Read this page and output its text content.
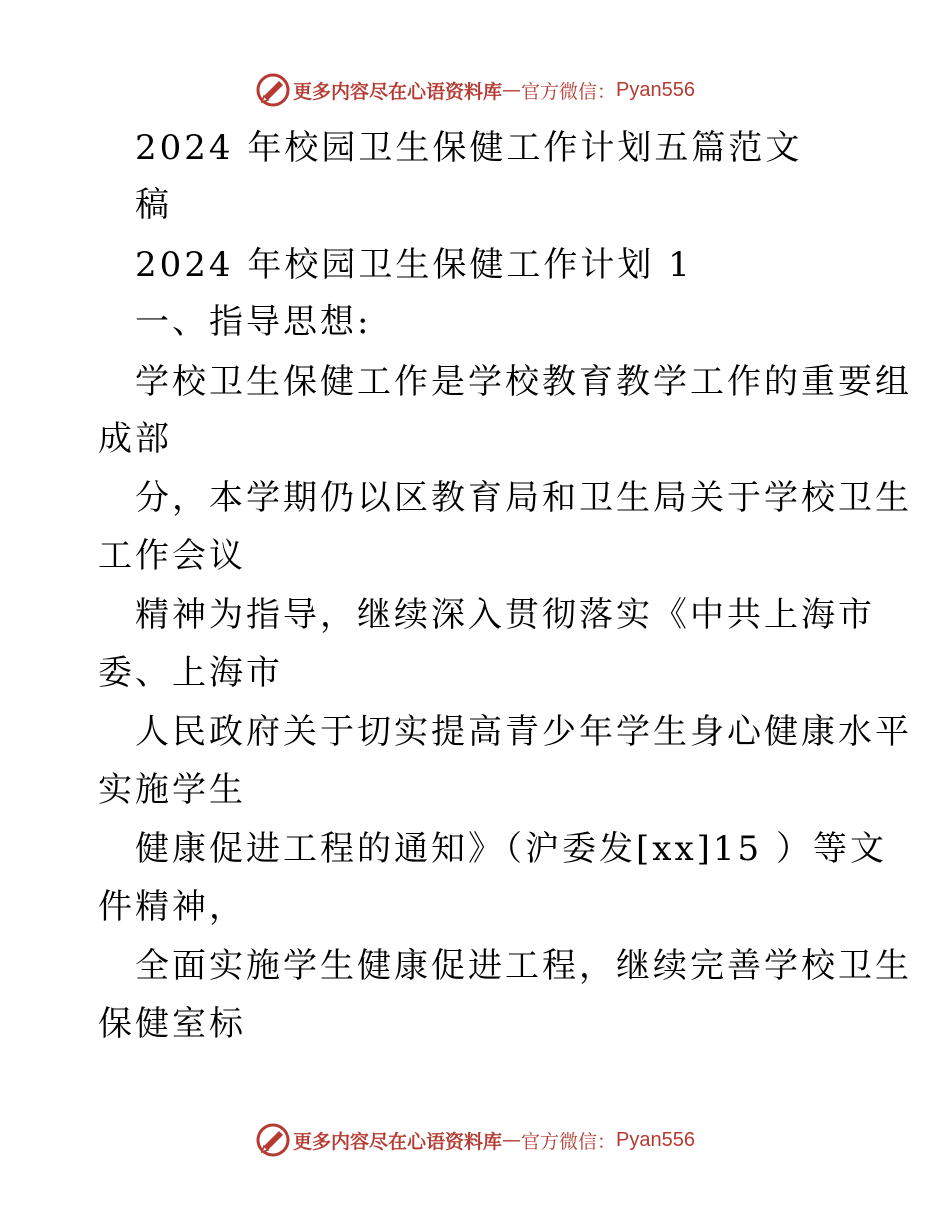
更多内容尽在心语资料库 — 官方微信： Pyan556
2024 年校园卫生保健工作计划五篇范文
稿
2024 年校园卫生保健工作计划 1
一、指导思想:
学校卫生保健工作是学校教育教学工作的重要组
成部
分，本学期仍以区教育局和卫生局关于学校卫生
工作会议
精神为指导，继续深入贯彻落实《中共上海市
委、上海市
人民政府关于切实提高青少年学生身心健康水平
实施学生
健康促进工程的通知》（沪委发[xx]15 ）等文
件精神，
全面实施学生健康促进工程，继续完善学校卫生
保健室标
更多内容尽在心语资料库 — 官方微信： Pyan556
